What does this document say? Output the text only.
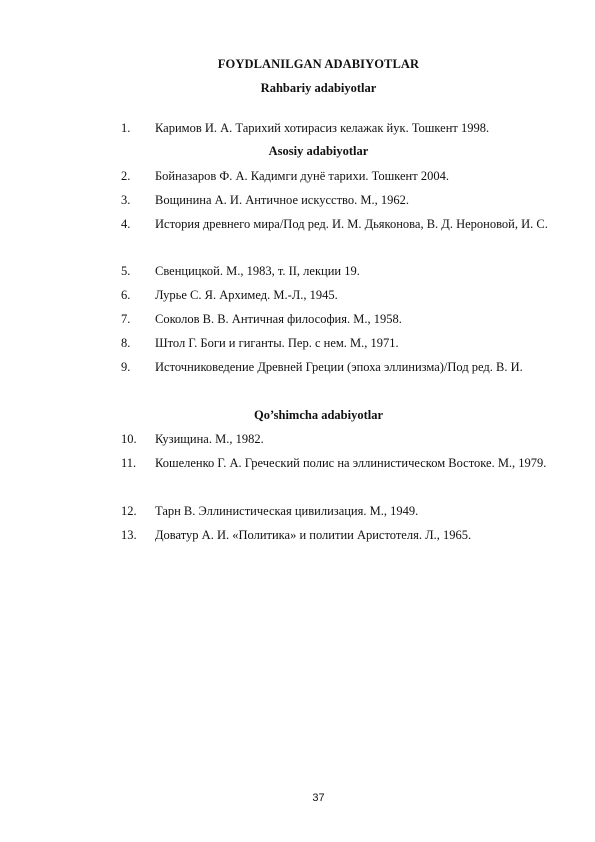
FOYDLANILGAN ADABIYOTLAR
Rahbariy adabiyotlar
1.	Каримов И. А. Тарихий хотирасиз келажак йук. Тошкент 1998.
Asosiy adabiyotlar
2.	Бойназаров Ф. А. Кадимги дунё тарихи. Тошкент 2004.
3.	Вощинина А. И. Античное искусство. М., 1962.
4.	История древнего мира/Под ред. И. М. Дьяконова, В. Д. Нероновой, И. С.
5.	Свенцицкой. М., 1983, т. II, лекции 19.
6.	Лурье С. Я. Архимед. М.-Л., 1945.
7.	Соколов В. В. Античная философия. М., 1958.
8.	Штол Г. Боги и гиганты. Пер. с нем. М., 1971.
9.	Источниковедение Древней Греции (эпоха эллинизма)/Под ред. В. И.
Qo’shimcha adabiyotlar
10.	Кузищина. М., 1982.
11.	Кошеленко Г. А. Греческий полис на эллинистическом Востоке. М., 1979.
12.	Тарн В. Эллинистическая цивилизация. М., 1949.
13.	Доватур А. И. «Политика» и политии Аристотеля. Л., 1965.
37
